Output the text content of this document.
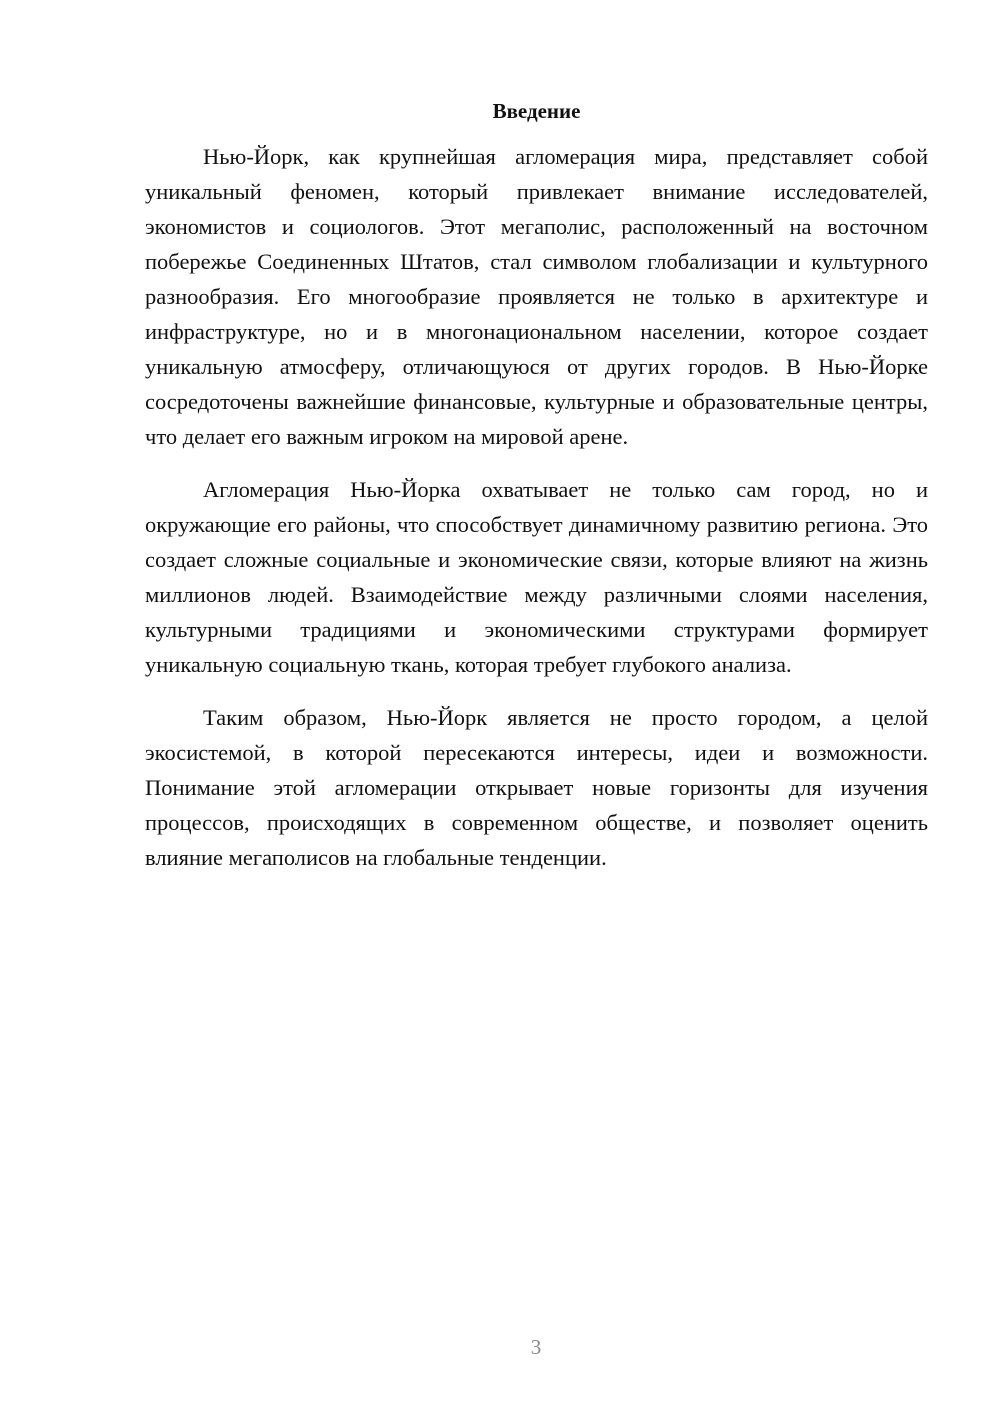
Введение

Нью-Йорк, как крупнейшая агломерация мира, представляет собой уникальный феномен, который привлекает внимание исследователей, экономистов и социологов. Этот мегаполис, расположенный на восточном побережье Соединенных Штатов, стал символом глобализации и культурного разнообразия. Его многообразие проявляется не только в архитектуре и инфраструктуре, но и в многонациональном населении, которое создает уникальную атмосферу, отличающуюся от других городов. В Нью-Йорке сосредоточены важнейшие финансовые, культурные и образовательные центры, что делает его важным игроком на мировой арене.

Агломерация Нью-Йорка охватывает не только сам город, но и окружающие его районы, что способствует динамичному развитию региона. Это создает сложные социальные и экономические связи, которые влияют на жизнь миллионов людей. Взаимодействие между различными слоями населения, культурными традициями и экономическими структурами формирует уникальную социальную ткань, которая требует глубокого анализа.

Таким образом, Нью-Йорк является не просто городом, а целой экосистемой, в которой пересекаются интересы, идеи и возможности. Понимание этой агломерации открывает новые горизонты для изучения процессов, происходящих в современном обществе, и позволяет оценить влияние мегаполисов на глобальные тенденции.

3
